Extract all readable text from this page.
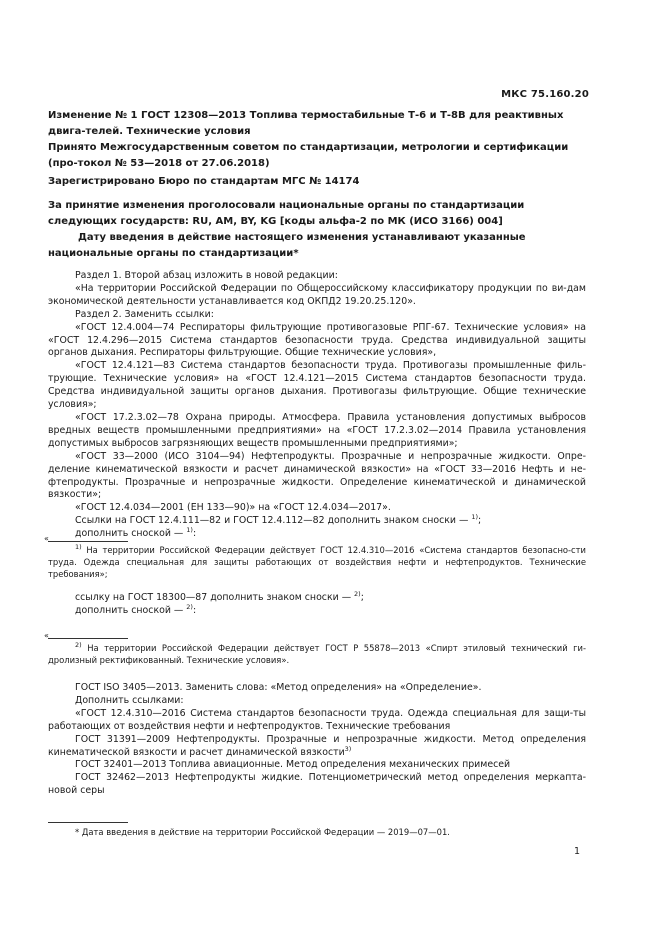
МКС 75.160.20
Изменение № 1 ГОСТ 12308—2013 Топлива термостабильные Т-6 и Т-8В для реактивных двига-телей. Технические условия
Принято Межгосударственным советом по стандартизации, метрологии и сертификации (про-токол № 53—2018 от 27.06.2018)
Зарегистрировано Бюро по стандартам МГС № 14174
За принятие изменения проголосовали национальные органы по стандартизации следующих государств: RU, AM, BY, KG [коды альфа-2 по МК (ИСО 3166) 004]
Дату введения в действие настоящего изменения устанавливают указанные национальные органы по стандартизации*

Раздел 1. Второй абзац изложить в новой редакции:

«На территории Российской Федерации по Общероссийскому классификатору продукции по ви-дам экономической деятельности устанавливается код ОКПД2 19.20.25.120».

Раздел 2. Заменить ссылки:

«ГОСТ 12.4.004—74 Респираторы фильтрующие противогазовые РПГ-67. Технические условия» на «ГОСТ 12.4.296—2015 Система стандартов безопасности труда. Средства индивидуальной защиты органов дыхания. Респираторы фильтрующие. Общие технические условия»,

«ГОСТ 12.4.121—83 Система стандартов безопасности труда. Противогазы промышленные филь-трующие. Технические условия» на «ГОСТ 12.4.121—2015 Система стандартов безопасности труда. Средства индивидуальной защиты органов дыхания. Противогазы фильтрующие. Общие технические условия»;

«ГОСТ 17.2.3.02—78 Охрана природы. Атмосфера. Правила установления допустимых выбросов вредных веществ промышленными предприятиями» на «ГОСТ 17.2.3.02—2014 Правила установления допустимых выбросов загрязняющих веществ промышленными предприятиями»;

«ГОСТ 33—2000 (ИСО 3104—94) Нефтепродукты. Прозрачные и непрозрачные жидкости. Опре-деление кинематической вязкости и расчет динамической вязкости» на «ГОСТ 33—2016 Нефть и не-фтепродукты. Прозрачные и непрозрачные жидкости. Определение кинематической и динамической вязкости»;

«ГОСТ 12.4.034—2001 (ЕН 133—90)» на «ГОСТ 12.4.034—2017».

Ссылки на ГОСТ 12.4.111—82 и ГОСТ 12.4.112—82 дополнить знаком сноски — $^{1)}$;

дополнить сноской — $^{1)}$:

«

$^{1)}$ На территории Российской Федерации действует ГОСТ 12.4.310—2016 «Система стандартов безопасно-сти труда. Одежда специальная для защиты работающих от воздействия нефти и нефтепродуктов. Технические требования»;

ссылку на ГОСТ 18300—87 дополнить знаком сноски — $^{2)}$;

дополнить сноской — $^{2)}$:

«

$^{2)}$ На территории Российской Федерации действует ГОСТ Р 55878—2013 «Спирт этиловый технический ги-дролизный ректификованный. Технические условия».

ГОСТ ISO 3405—2013. Заменить слова: «Метод определения» на «Определение».

Дополнить ссылками:

«ГОСТ 12.4.310—2016 Система стандартов безопасности труда. Одежда специальная для защи-ты работающих от воздействия нефти и нефтепродуктов. Технические требования

ГОСТ 31391—2009 Нефтепродукты. Прозрачные и непрозрачные жидкости. Метод определения кинематической вязкости и расчет динамической вязкости$^{3)}$

ГОСТ 32401—2013 Топлива авиационные. Метод определения механических примесей

ГОСТ 32462—2013 Нефтепродукты жидкие. Потенциометрический метод определения меркапта-новой серы

* Дата введения в действие на территории Российской Федерации — 2019—07—01.

1
